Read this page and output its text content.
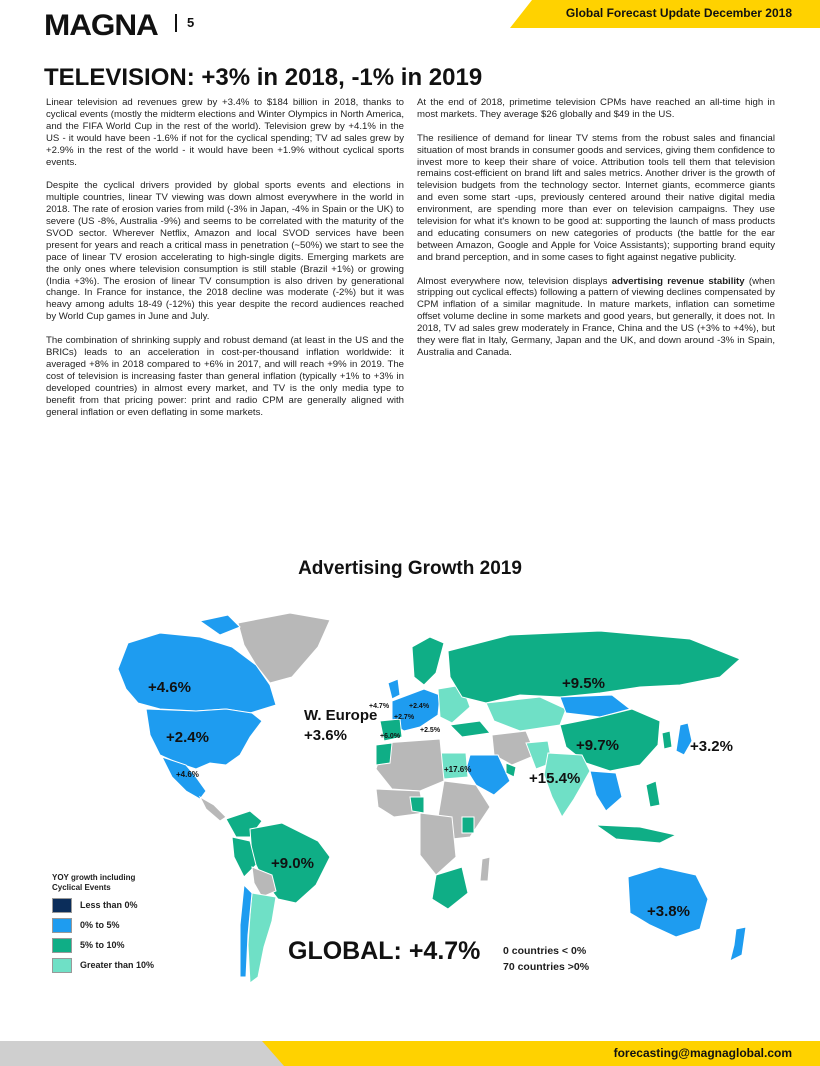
MAGNA	5
Global Forecast Update December 2018
TELEVISION: +3% in 2018, -1% in 2019

Linear television ad revenues grew by +3.4% to $184 billion in 2018, thanks to cyclical events (mostly the midterm elections and Winter Olympics in North America, and the FIFA World Cup in the rest of the world). Television grew by +4.1% in the US - it would have been -1.6% if not for the cyclical spending; TV ad sales grew by +2.9% in the rest of the world - it would have been +1.9% without cyclical sports events.

Despite the cyclical drivers provided by global sports events and elections in multiple countries, linear TV viewing was down almost everywhere in the world in 2018. The rate of erosion varies from mild (-3% in Japan, -4% in Spain or the UK) to severe (US -8%, Australia -9%) and seems to be correlated with the maturity of the SVOD sector. Wherever Netflix, Amazon and local SVOD services have been present for years and reach a critical mass in penetration (~50%) we start to see the pace of linear TV erosion accelerating to high-single digits. Emerging markets are the only ones where television consumption is still stable (Brazil +1%) or growing (India +3%). The erosion of linear TV consumption is also driven by generational change. In France for instance, the 2018 decline was moderate (-2%) but it was heavy among adults 18-49 (-12%) this year despite the record audiences reached by World Cup games in June and July.

The combination of shrinking supply and robust demand (at least in the US and the BRICs) leads to an acceleration in cost-per-thousand inflation worldwide: it averaged +8% in 2018 compared to +6% in 2017, and will reach +9% in 2019. The cost of television is increasing faster than general inflation (typically +1% to +3% in developed countries) in almost every market, and TV is the only media type to benefit from that pricing power: print and radio CPM are generally aligned with general inflation or even deflating in some markets.

At the end of 2018, primetime television CPMs have reached an all-time high in most markets. They average $26 globally and $49 in the US.

The resilience of demand for linear TV stems from the robust sales and financial situation of most brands in consumer goods and services, giving them confidence to invest more to keep their share of voice. Attribution tools tell them that television remains cost-efficient on brand lift and sales metrics. Another driver is the growth of television budgets from the technology sector. Internet giants, ecommerce giants and even some start -ups, previously centered around their native digital media environment, are spending more than ever on television campaigns. They use television for what it's known to be good at: supporting the launch of mass products and educating consumers on new categories of products (the battle for the ear between Amazon, Google and Apple for Voice Assistants); supporting brand equity and brand perception, and in some cases to fight against negative publicity.

Almost everywhere now, television displays advertising revenue stability (when stripping out cyclical effects) following a pattern of viewing declines compensated by CPM inflation of a similar magnitude. In mature markets, inflation can sometime offset volume decline in some markets and good years, but generally, it does not. In 2018, TV ad sales grew moderately in France, China and the US (+3% to +4%), but they were flat in Italy, Germany, Japan and the UK, and down around -3% in Spain, Australia and Canada.

Advertising Growth 2019
+4.6%
+2.4%
+4.6%
W. Europe
+3.6%
+4.7%	+2.4%
+2.7%
+6.0%
+2.5%
+9.5%
+9.7%	+3.2%
+17.6%
+15.4%
+9.0%
+3.8%
YOY growth including Cyclical Events
Less than 0%
0% to 5%
5% to 10%
Greater than 10%	GLOBAL: +4.7% 0 countries < 0%
70 countries >0%
forecasting@magnaglobal.com
